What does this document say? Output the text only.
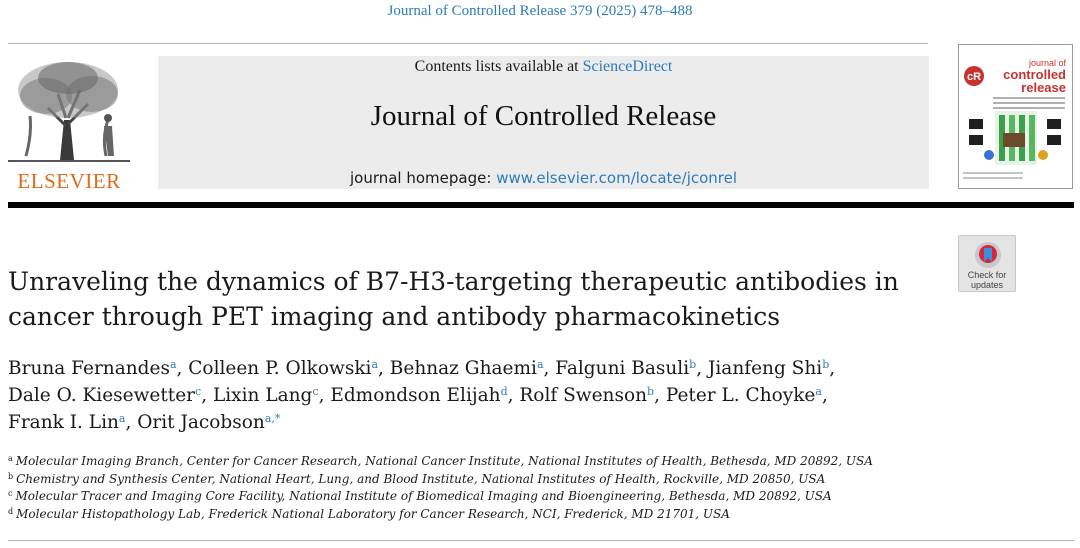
Journal of Controlled Release 379 (2025) 478–488
ELSEVIER
Contents lists available at ScienceDirect
Journal of Controlled Release
journal homepage: www.elsevier.com/locate/jconrel
cR
journal of
controlled
release
Check for
updates
Unraveling the dynamics of B7-H3-targeting therapeutic antibodies in
cancer through PET imaging and antibody pharmacokinetics
Bruna Fernandes$^a$, Colleen P. Olkowski$^a$, Behnaz Ghaemi$^a$, Falguni Basuli$^b$, Jianfeng Shi$^b$,
Dale O. Kiesewetter$^c$, Lixin Lang$^c$, Edmondson Elijah$^d$, Rolf Swenson$^b$, Peter L. Choyke$^a$,
Frank I. Lin$^a$, Orit Jacobson$^{a,*}$
$^a$ Molecular Imaging Branch, Center for Cancer Research, National Cancer Institute, National Institutes of Health, Bethesda, MD 20892, USA
$^b$ Chemistry and Synthesis Center, National Heart, Lung, and Blood Institute, National Institutes of Health, Rockville, MD 20850, USA
$^c$ Molecular Tracer and Imaging Core Facility, National Institute of Biomedical Imaging and Bioengineering, Bethesda, MD 20892, USA
$^d$ Molecular Histopathology Lab, Frederick National Laboratory for Cancer Research, NCI, Frederick, MD 21701, USA
